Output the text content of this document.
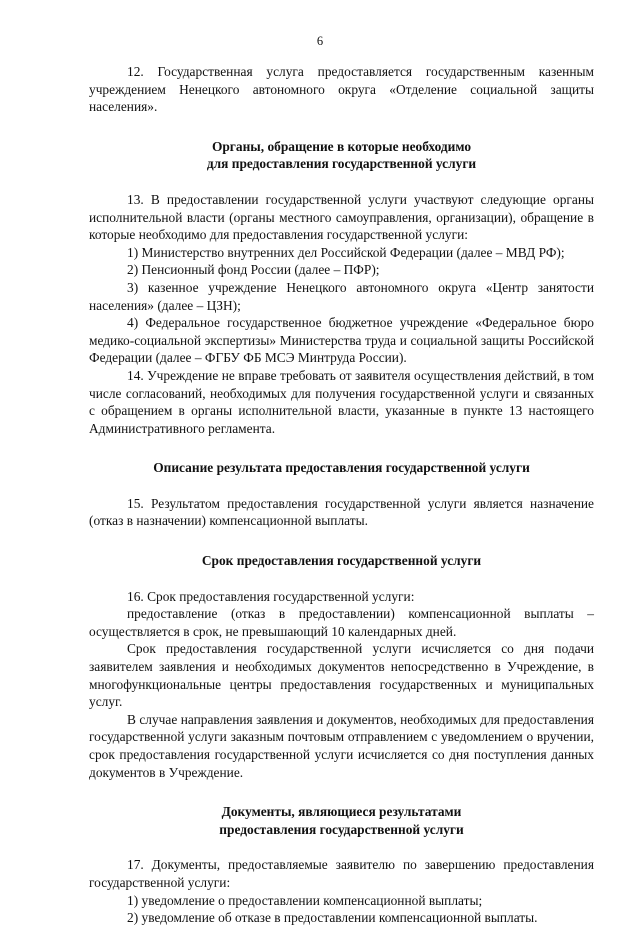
6

12. Государственная услуга предоставляется государственным казенным учреждением Ненецкого автономного округа «Отделение социальной защиты населения».

Органы, обращение в которые необходимо
для предоставления государственной услуги

13. В предоставлении государственной услуги участвуют следующие органы исполнительной власти (органы местного самоуправления, организации), обращение в которые необходимо для предоставления государственной услуги:

1) Министерство внутренних дел Российской Федерации (далее – МВД РФ);

2) Пенсионный фонд России (далее – ПФР);

3) казенное учреждение Ненецкого автономного округа «Центр занятости населения» (далее – ЦЗН);

4) Федеральное государственное бюджетное учреждение «Федеральное бюро медико-социальной экспертизы» Министерства труда и социальной защиты Российской Федерации (далее – ФГБУ ФБ МСЭ Минтруда России).

14. Учреждение не вправе требовать от заявителя осуществления действий, в том числе согласований, необходимых для получения государственной услуги и связанных с обращением в органы исполнительной власти, указанные в пункте 13 настоящего Административного регламента.

Описание результата предоставления государственной услуги

15. Результатом предоставления государственной услуги является назначение (отказ в назначении) компенсационной выплаты.

Срок предоставления государственной услуги

16. Срок предоставления государственной услуги:

предоставление (отказ в предоставлении) компенсационной выплаты – осуществляется в срок, не превышающий 10 календарных дней.

Срок предоставления государственной услуги исчисляется со дня подачи заявителем заявления и необходимых документов непосредственно в Учреждение, в многофункциональные центры предоставления государственных и муниципальных услуг.

В случае направления заявления и документов, необходимых для предоставления государственной услуги заказным почтовым отправлением с уведомлением о вручении, срок предоставления государственной услуги исчисляется со дня поступления данных документов в Учреждение.

Документы, являющиеся результатами
предоставления государственной услуги

17. Документы, предоставляемые заявителю по завершению предоставления государственной услуги:

1) уведомление о предоставлении компенсационной выплаты;

2) уведомление об отказе в предоставлении компенсационной выплаты.
